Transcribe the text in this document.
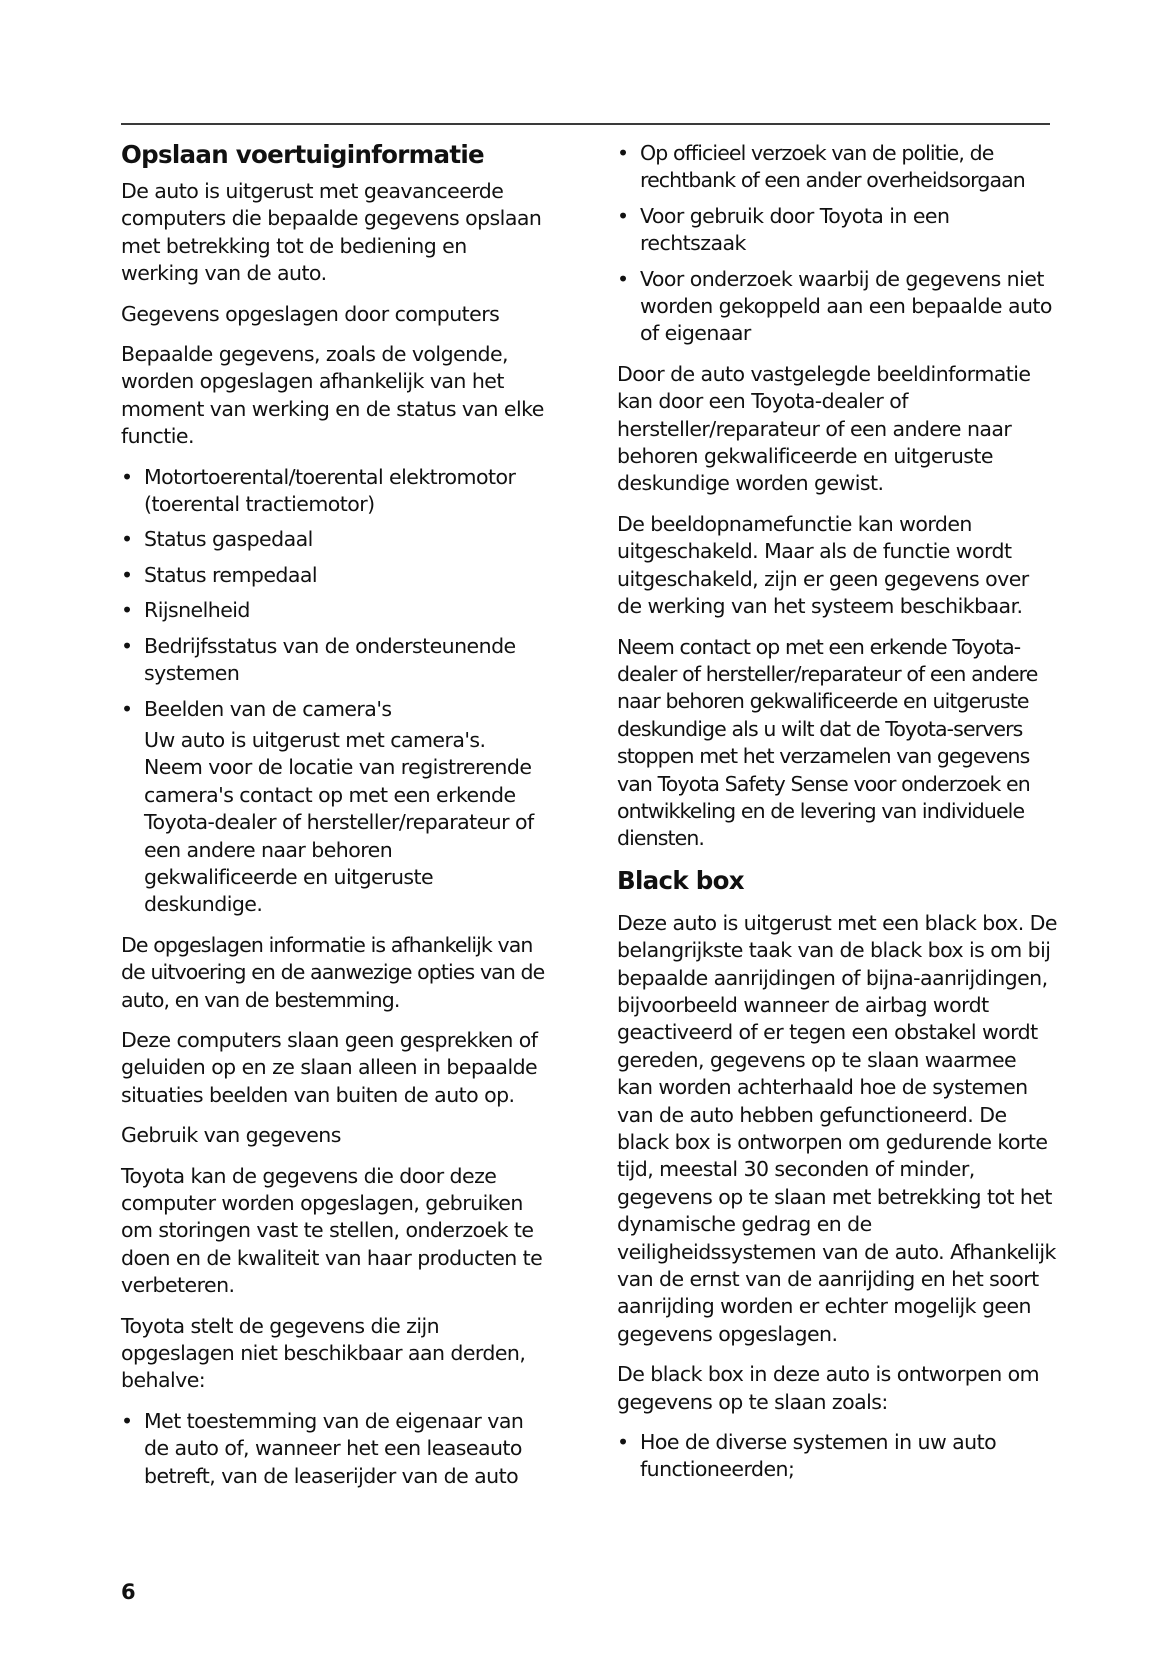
Opslaan voertuiginformatie

De auto is uitgerust met geavanceerde computers die bepaalde gegevens opslaan met betrekking tot de bediening en werking van de auto.

Gegevens opgeslagen door computers

Bepaalde gegevens, zoals de volgende, worden opgeslagen afhankelijk van het moment van werking en de status van elke functie.

• Motortoerental/toerental elektromotor (toerental tractiemotor)
• Status gaspedaal
• Status rempedaal
• Rijsnelheid
• Bedrijfsstatus van de ondersteunende systemen
• Beelden van de camera's
Uw auto is uitgerust met camera's. Neem voor de locatie van registrerende camera's contact op met een erkende Toyota-dealer of hersteller/reparateur of een andere naar behoren gekwalificeerde en uitgeruste deskundige.

De opgeslagen informatie is afhankelijk van de uitvoering en de aanwezige opties van de auto, en van de bestemming.

Deze computers slaan geen gesprekken of geluiden op en ze slaan alleen in bepaalde situaties beelden van buiten de auto op.

Gebruik van gegevens

Toyota kan de gegevens die door deze computer worden opgeslagen, gebruiken om storingen vast te stellen, onderzoek te doen en de kwaliteit van haar producten te verbeteren.

Toyota stelt de gegevens die zijn opgeslagen niet beschikbaar aan derden, behalve:

• Met toestemming van de eigenaar van de auto of, wanneer het een leaseauto betreft, van de leaserijder van de auto
• Op officieel verzoek van de politie, de rechtbank of een ander overheidsorgaan
• Voor gebruik door Toyota in een rechtszaak
• Voor onderzoek waarbij de gegevens niet worden gekoppeld aan een bepaalde auto of eigenaar

Door de auto vastgelegde beeldinformatie kan door een Toyota-dealer of hersteller/reparateur of een andere naar behoren gekwalificeerde en uitgeruste deskundige worden gewist.

De beeldopnamefunctie kan worden uitgeschakeld. Maar als de functie wordt uitgeschakeld, zijn er geen gegevens over de werking van het systeem beschikbaar.

Neem contact op met een erkende Toyota-dealer of hersteller/reparateur of een andere naar behoren gekwalificeerde en uitgeruste deskundige als u wilt dat de Toyota-servers stoppen met het verzamelen van gegevens van Toyota Safety Sense voor onderzoek en ontwikkeling en de levering van individuele diensten.

Black box

Deze auto is uitgerust met een black box. De belangrijkste taak van de black box is om bij bepaalde aanrijdingen of bijna-aanrijdingen, bijvoorbeeld wanneer de airbag wordt geactiveerd of er tegen een obstakel wordt gereden, gegevens op te slaan waarmee kan worden achterhaald hoe de systemen van de auto hebben gefunctioneerd. De black box is ontworpen om gedurende korte tijd, meestal 30 seconden of minder, gegevens op te slaan met betrekking tot het dynamische gedrag en de veiligheidssystemen van de auto. Afhankelijk van de ernst van de aanrijding en het soort aanrijding worden er echter mogelijk geen gegevens opgeslagen.

De black box in deze auto is ontworpen om gegevens op te slaan zoals:

• Hoe de diverse systemen in uw auto functioneerden;
6
